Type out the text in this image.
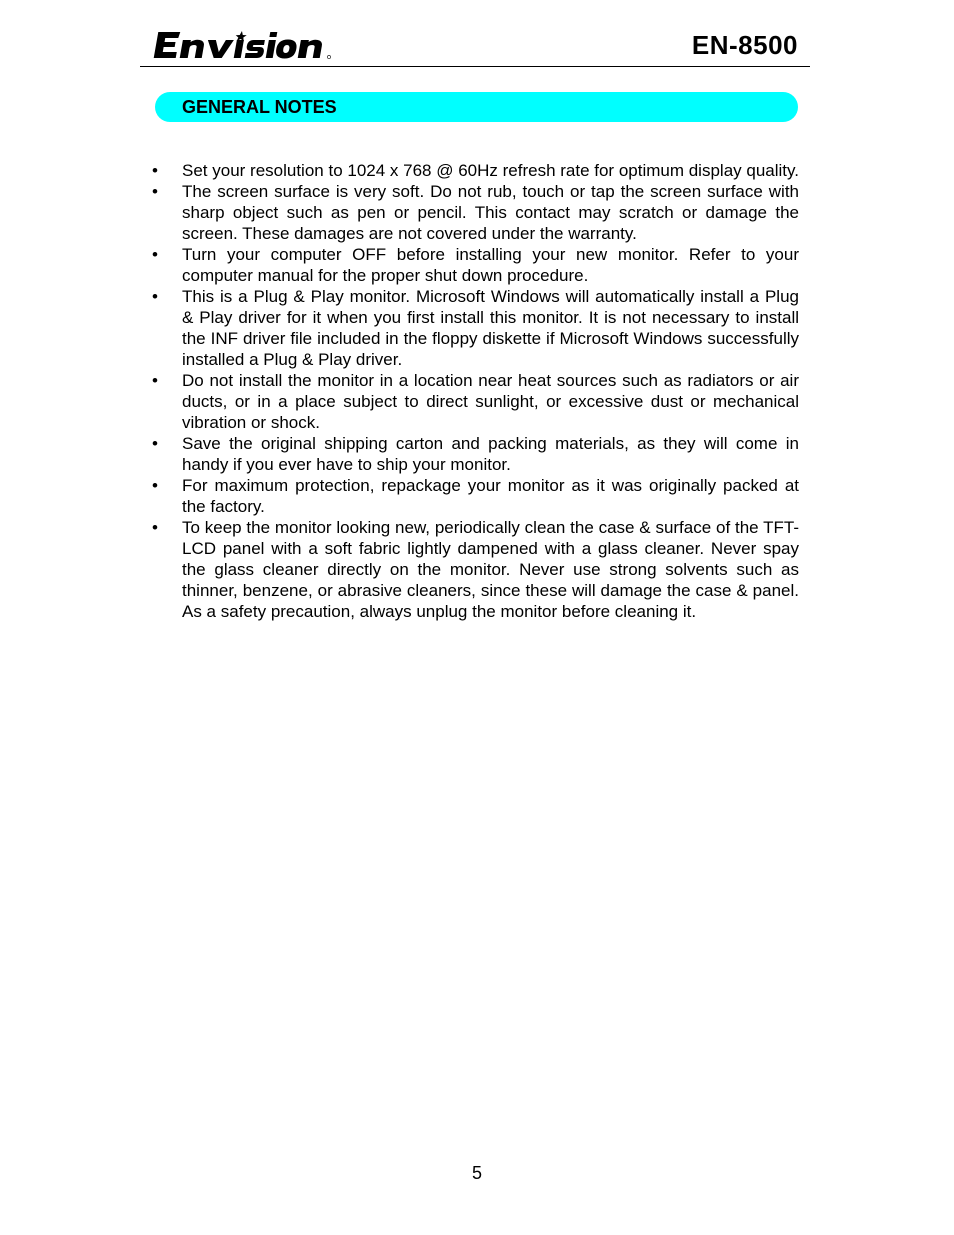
EN-8500
GENERAL NOTES
•	Set your resolution to 1024 x 768 @ 60Hz refresh rate for optimum display quality.
•	The screen surface is very soft. Do not rub, touch or tap the screen surface with sharp object such as pen or pencil. This contact may scratch or damage the screen. These damages are not covered under the warranty.
•	Turn your computer OFF before installing your new monitor. Refer to your computer manual for the proper shut down procedure.
•	This is a Plug & Play monitor. Microsoft Windows will automatically install a Plug & Play driver for it when you first install this monitor. It is not necessary to install the INF driver file included in the floppy diskette if Microsoft Windows successfully installed a Plug & Play driver.
•	Do not install the monitor in a location near heat sources such as radiators or air ducts, or in a place subject to direct sunlight, or excessive dust or mechanical vibration or shock.
•	Save the original shipping carton and packing materials, as they will come in handy if you ever have to ship your monitor.
•	For maximum protection, repackage your monitor as it was originally packed at the factory.
•	To keep the monitor looking new, periodically clean the case & surface of the TFT-LCD panel with a soft fabric lightly dampened with a glass cleaner. Never spay the glass cleaner directly on the monitor. Never use strong solvents such as thinner, benzene, or abrasive cleaners, since these will damage the case & panel. As a safety precaution, always unplug the monitor before cleaning it.
5
